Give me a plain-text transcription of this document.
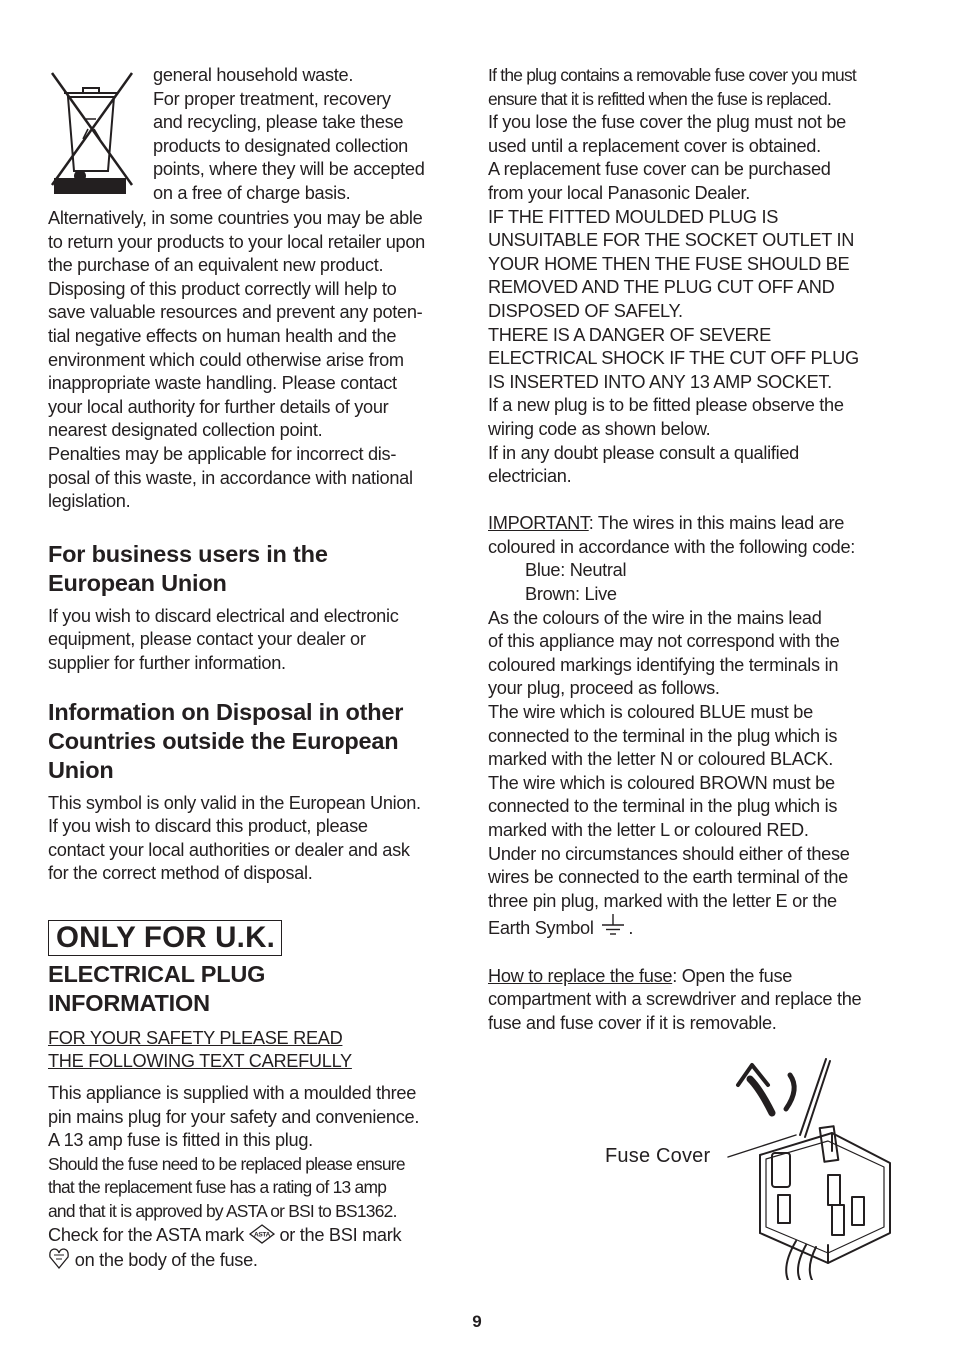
general household waste.

For proper treatment, recovery

and recycling, please take these

products to designated collection

points, where they will be accepted

on a free of charge basis.

Alternatively, in some countries you may be able

to return your products to your local retailer upon

the purchase of an equivalent new product.

Disposing of this product correctly will help to

save valuable resources and prevent any poten-

tial negative effects on human health and the

environment which could otherwise arise from

inappropriate waste handling. Please contact

your local authority for further details of your

nearest designated collection point.

Penalties may be applicable for incorrect dis-

posal of this waste, in accordance with national

legislation.

For business users in the

European Union

If you wish to discard electrical and electronic

equipment, please contact your dealer or

supplier for further information.

Information on Disposal in other

Countries outside the European

Union

This symbol is only valid in the European Union.

If you wish to discard this product, please

contact your local authorities or dealer and ask

for the correct method of disposal.

ONLY FOR U.K.

ELECTRICAL PLUG

INFORMATION

FOR YOUR SAFETY PLEASE READ

THE FOLLOWING TEXT CAREFULLY

This appliance is supplied with a moulded three

pin mains plug for your safety and convenience.

A 13 amp fuse is fitted in this plug.

Should the fuse need to be replaced please ensure

that the replacement fuse has a rating of 13 amp

and that it is approved by ASTA or BSI to BS1362.

Check for the ASTA mark ASTA or the BSI mark

on the body of the fuse.

If the plug contains a removable fuse cover you must

ensure that it is refitted when the fuse is replaced.

If you lose the fuse cover the plug must not be

used until a replacement cover is obtained.

A replacement fuse cover can be purchased

from your local Panasonic Dealer.

IF THE FITTED MOULDED PLUG IS

UNSUITABLE FOR THE SOCKET OUTLET IN

YOUR HOME THEN THE FUSE SHOULD BE

REMOVED AND THE PLUG CUT OFF AND

DISPOSED OF SAFELY.

THERE IS A DANGER OF SEVERE

ELECTRICAL SHOCK IF THE CUT OFF PLUG

IS INSERTED INTO ANY 13 AMP SOCKET.

If a new plug is to be fitted please observe the

wiring code as shown below.

If in any doubt please consult a qualified

electrician.

IMPORTANT: The wires in this mains lead are

coloured in accordance with the following code:

Blue: Neutral

Brown: Live

As the colours of the wire in the mains lead

of this appliance may not correspond with the

coloured markings identifying the terminals in

your plug, proceed as follows.

The wire which is coloured BLUE must be

connected to the terminal in the plug which is

marked with the letter N or coloured BLACK.

The wire which is coloured BROWN must be

connected to the terminal in the plug which is

marked with the letter L or coloured RED.

Under no circumstances should either of these

wires be connected to the earth terminal of the

three pin plug, marked with the letter E or the

Earth Symbol .

How to replace the fuse: Open the fuse

compartment with a screwdriver and replace the

fuse and fuse cover if it is removable.

Fuse Cover
9
